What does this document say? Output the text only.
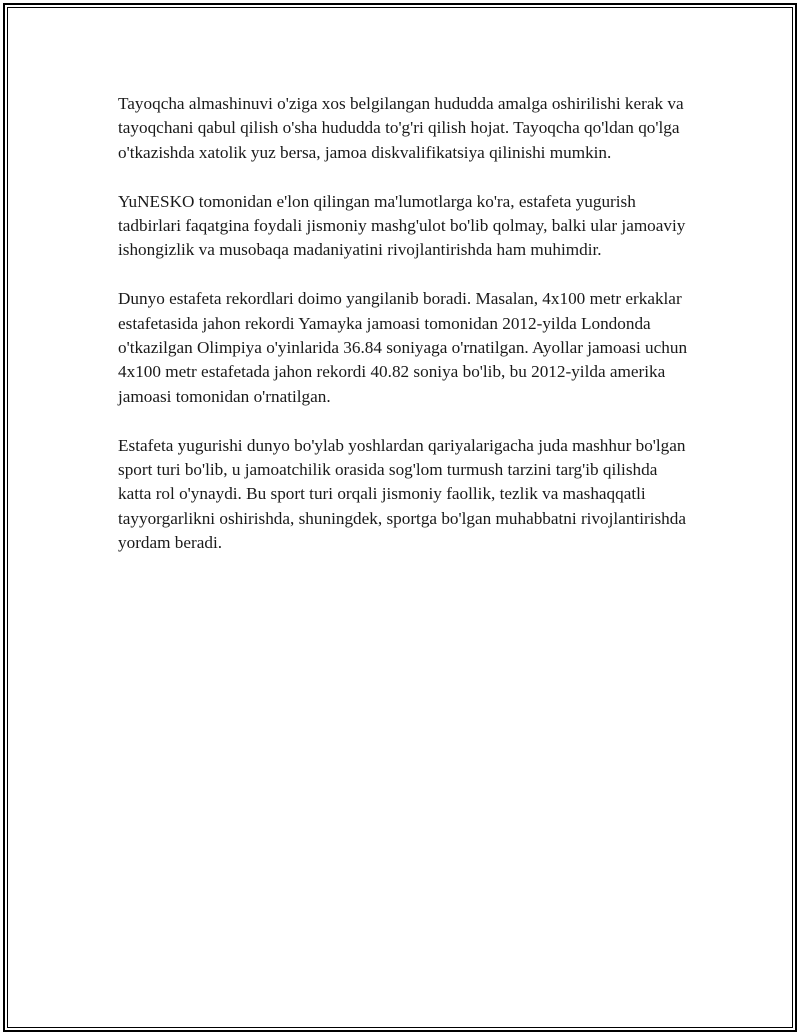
Tayoqcha almashinuvi o'ziga xos belgilangan hududda amalga oshirilishi kerak va tayoqchani qabul qilish o'sha hududda to'g'ri qilish hojat. Tayoqcha qo'ldan qo'lga o'tkazishda xatolik yuz bersa, jamoa diskvalifikatsiya qilinishi mumkin.

YuNESKO tomonidan e'lon qilingan ma'lumotlarga ko'ra, estafeta yugurish tadbirlari faqatgina foydali jismoniy mashg'ulot bo'lib qolmay, balki ular jamoaviy ishongizlik va musobaqa madaniyatini rivojlantirishda ham muhimdir.

Dunyo estafeta rekordlari doimo yangilanib boradi. Masalan, 4x100 metr erkaklar estafetasida jahon rekordi Yamayka jamoasi tomonidan 2012-yilda Londonda o'tkazilgan Olimpiya o'yinlarida 36.84 soniyaga o'rnatilgan. Ayollar jamoasi uchun 4x100 metr estafetada jahon rekordi 40.82 soniya bo'lib, bu 2012-yilda amerika jamoasi tomonidan o'rnatilgan.

Estafeta yugurishi dunyo bo'ylab yoshlardan qariyalarigacha juda mashhur bo'lgan sport turi bo'lib, u jamoatchilik orasida sog'lom turmush tarzini targ'ib qilishda katta rol o'ynaydi. Bu sport turi orqali jismoniy faollik, tezlik va mashaqqatli tayyorgarlikni oshirishda, shuningdek, sportga bo'lgan muhabbatni rivojlantirishda yordam beradi.
